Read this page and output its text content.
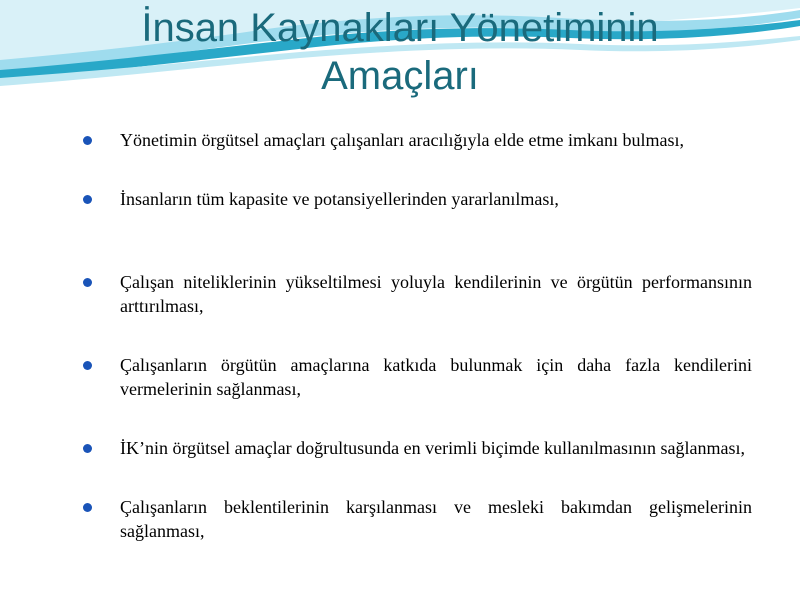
İnsan Kaynakları Yönetiminin
Amaçları
Yönetimin örgütsel amaçları çalışanları aracılığıyla elde etme imkanı bulması,
İnsanların tüm kapasite ve potansiyellerinden yararlanılması,
Çalışan niteliklerinin yükseltilmesi yoluyla kendilerinin ve örgütün performansının arttırılması,
Çalışanların örgütün amaçlarına katkıda bulunmak için daha fazla kendilerini vermelerinin sağlanması,
İK’nin örgütsel amaçlar doğrultusunda en verimli biçimde kullanılmasının sağlanması,
Çalışanların beklentilerinin karşılanması ve mesleki bakımdan gelişmelerinin sağlanması,
